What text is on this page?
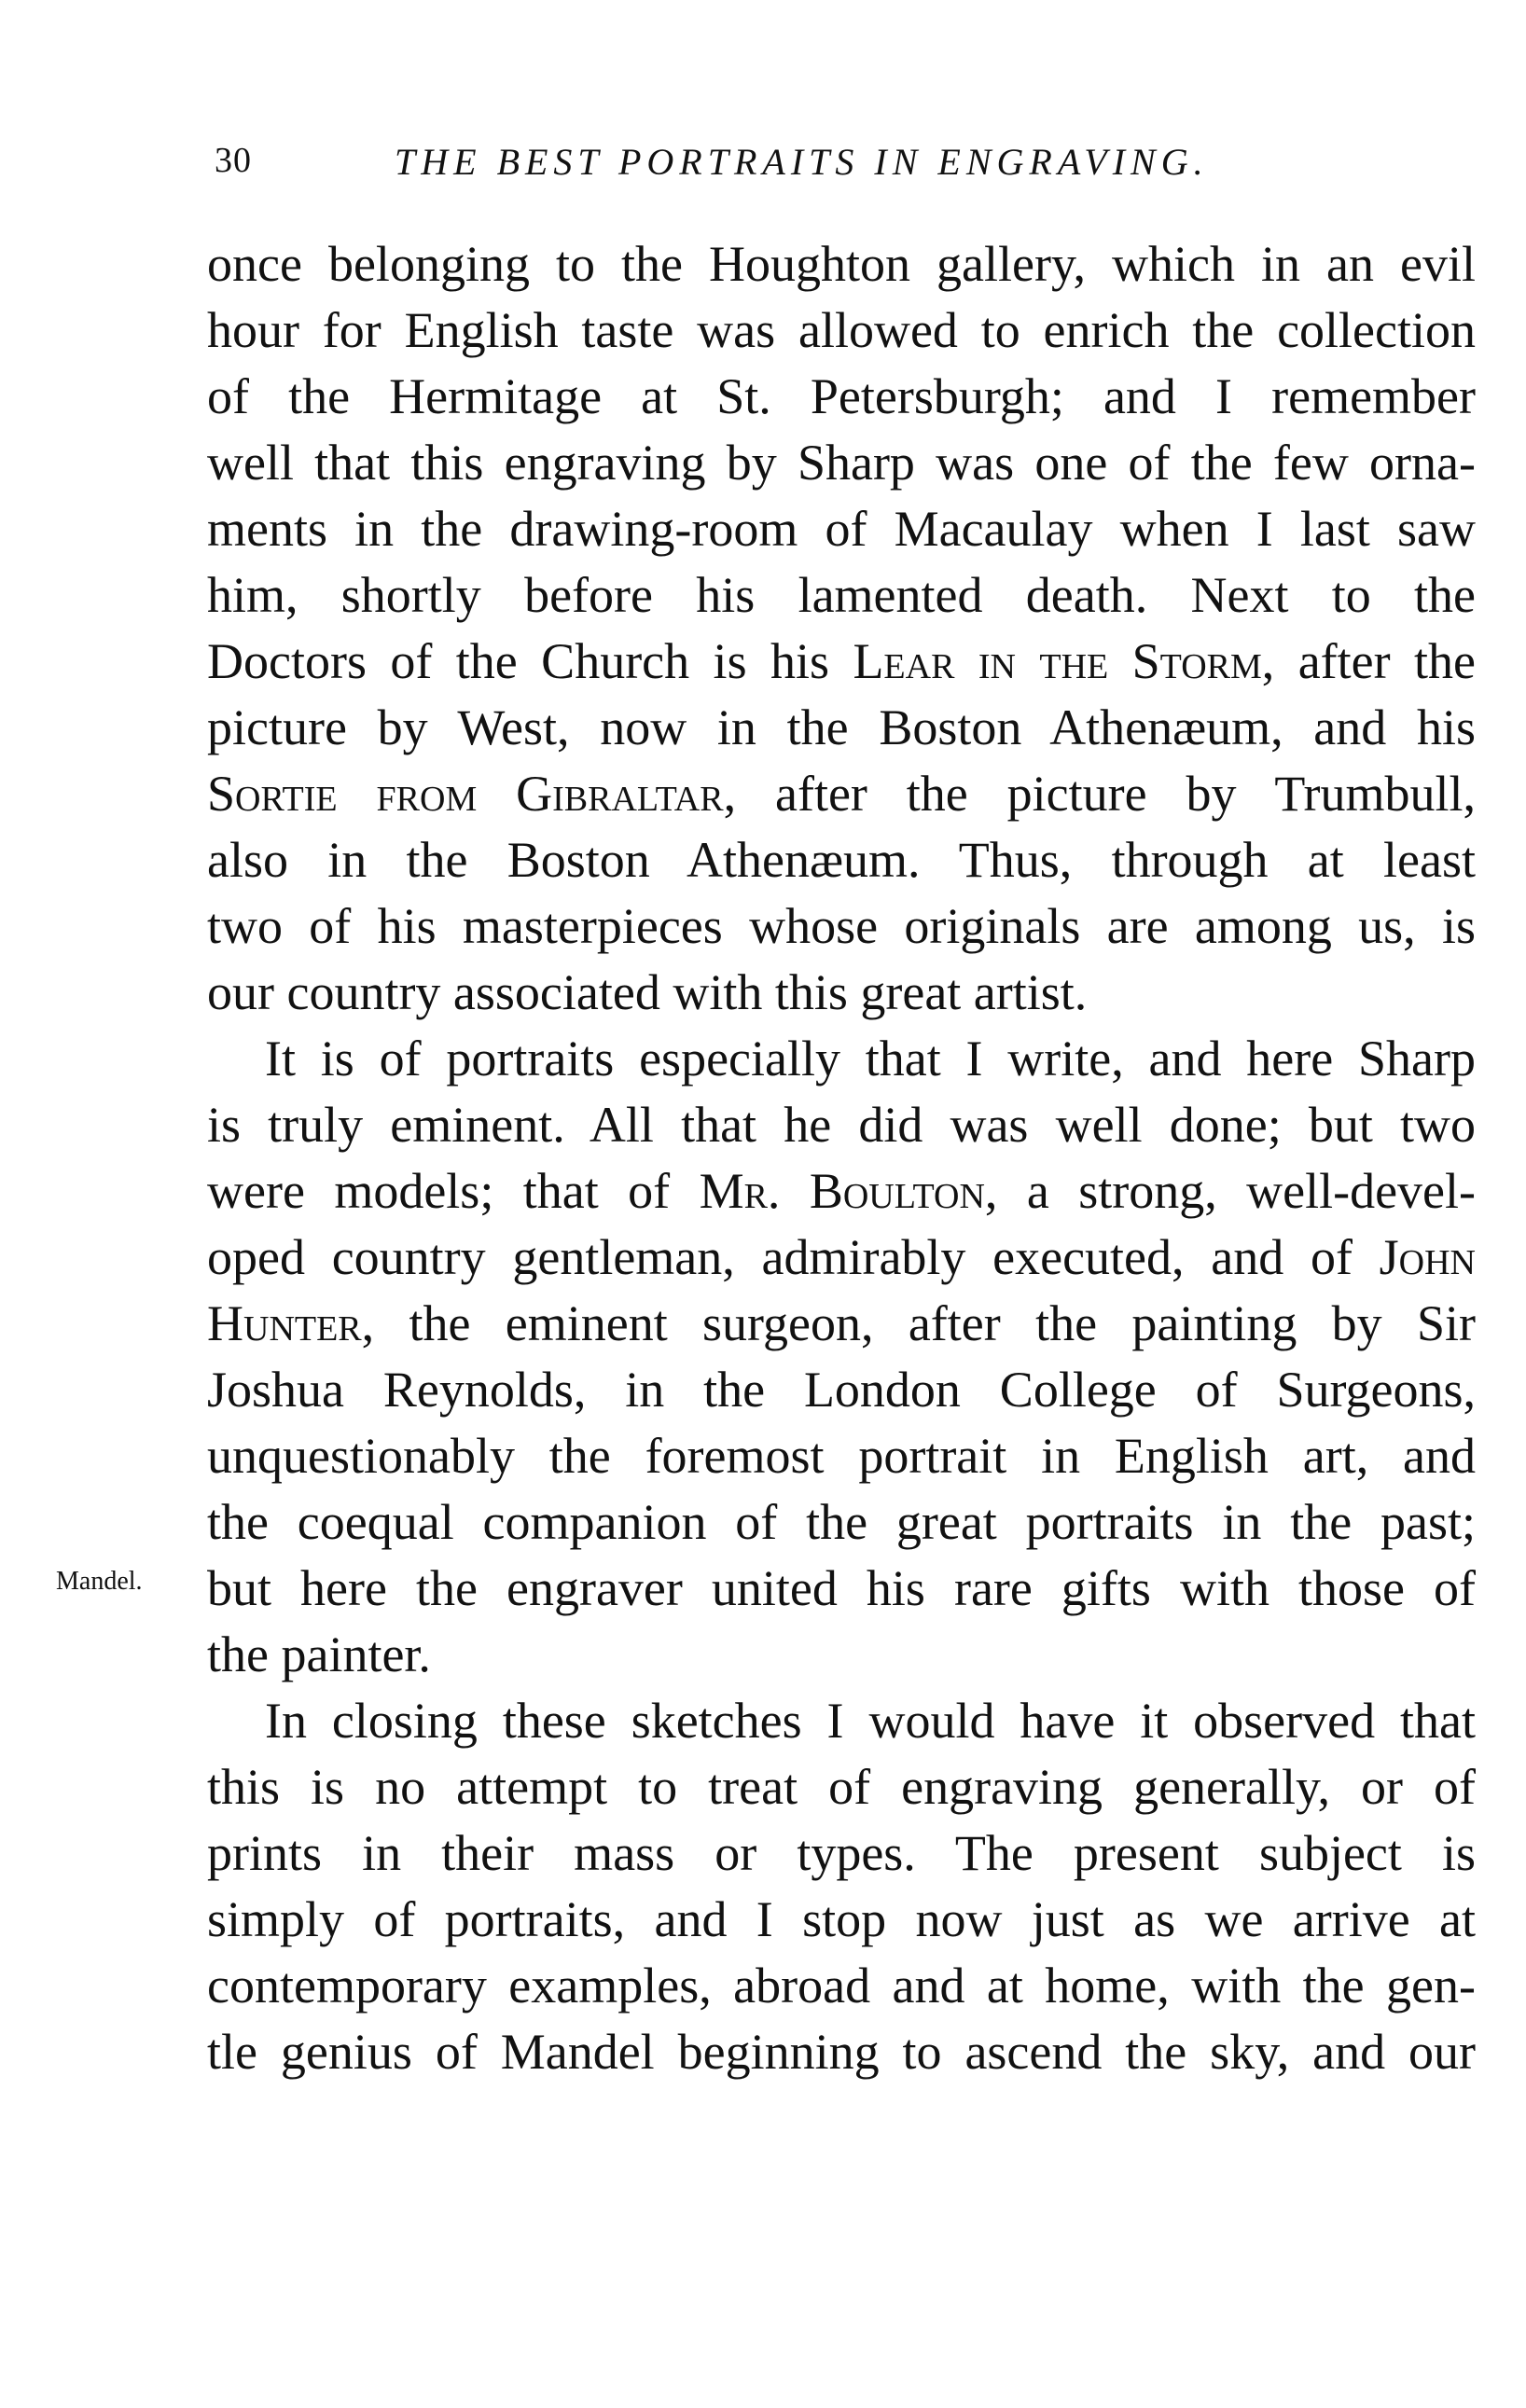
30	THE BEST PORTRAITS IN ENGRAVING.
Mandel.
once belonging to the Houghton gallery, which in an evil
hour for English taste was allowed to enrich the collection
of the Hermitage at St. Petersburgh; and I remember
well that this engraving by Sharp was one of the few orna-
ments in the drawing-room of Macaulay when I last saw
him, shortly before his lamented death. Next to the
Doctors of the Church is his Lear in the Storm, after the
picture by West, now in the Boston Athenæum, and his
Sortie from Gibraltar, after the picture by Trumbull,
also in the Boston Athenæum. Thus, through at least
two of his masterpieces whose originals are among us, is
our country associated with this great artist.
It is of portraits especially that I write, and here Sharp
is truly eminent. All that he did was well done; but two
were models; that of Mr. Boulton, a strong, well-devel-
oped country gentleman, admirably executed, and of John
Hunter, the eminent surgeon, after the painting by Sir
Joshua Reynolds, in the London College of Surgeons,
unquestionably the foremost portrait in English art, and
the coequal companion of the great portraits in the past;
but here the engraver united his rare gifts with those of
the painter.
In closing these sketches I would have it observed that
this is no attempt to treat of engraving generally, or of
prints in their mass or types. The present subject is
simply of portraits, and I stop now just as we arrive at
contemporary examples, abroad and at home, with the gen-
tle genius of Mandel beginning to ascend the sky, and our
